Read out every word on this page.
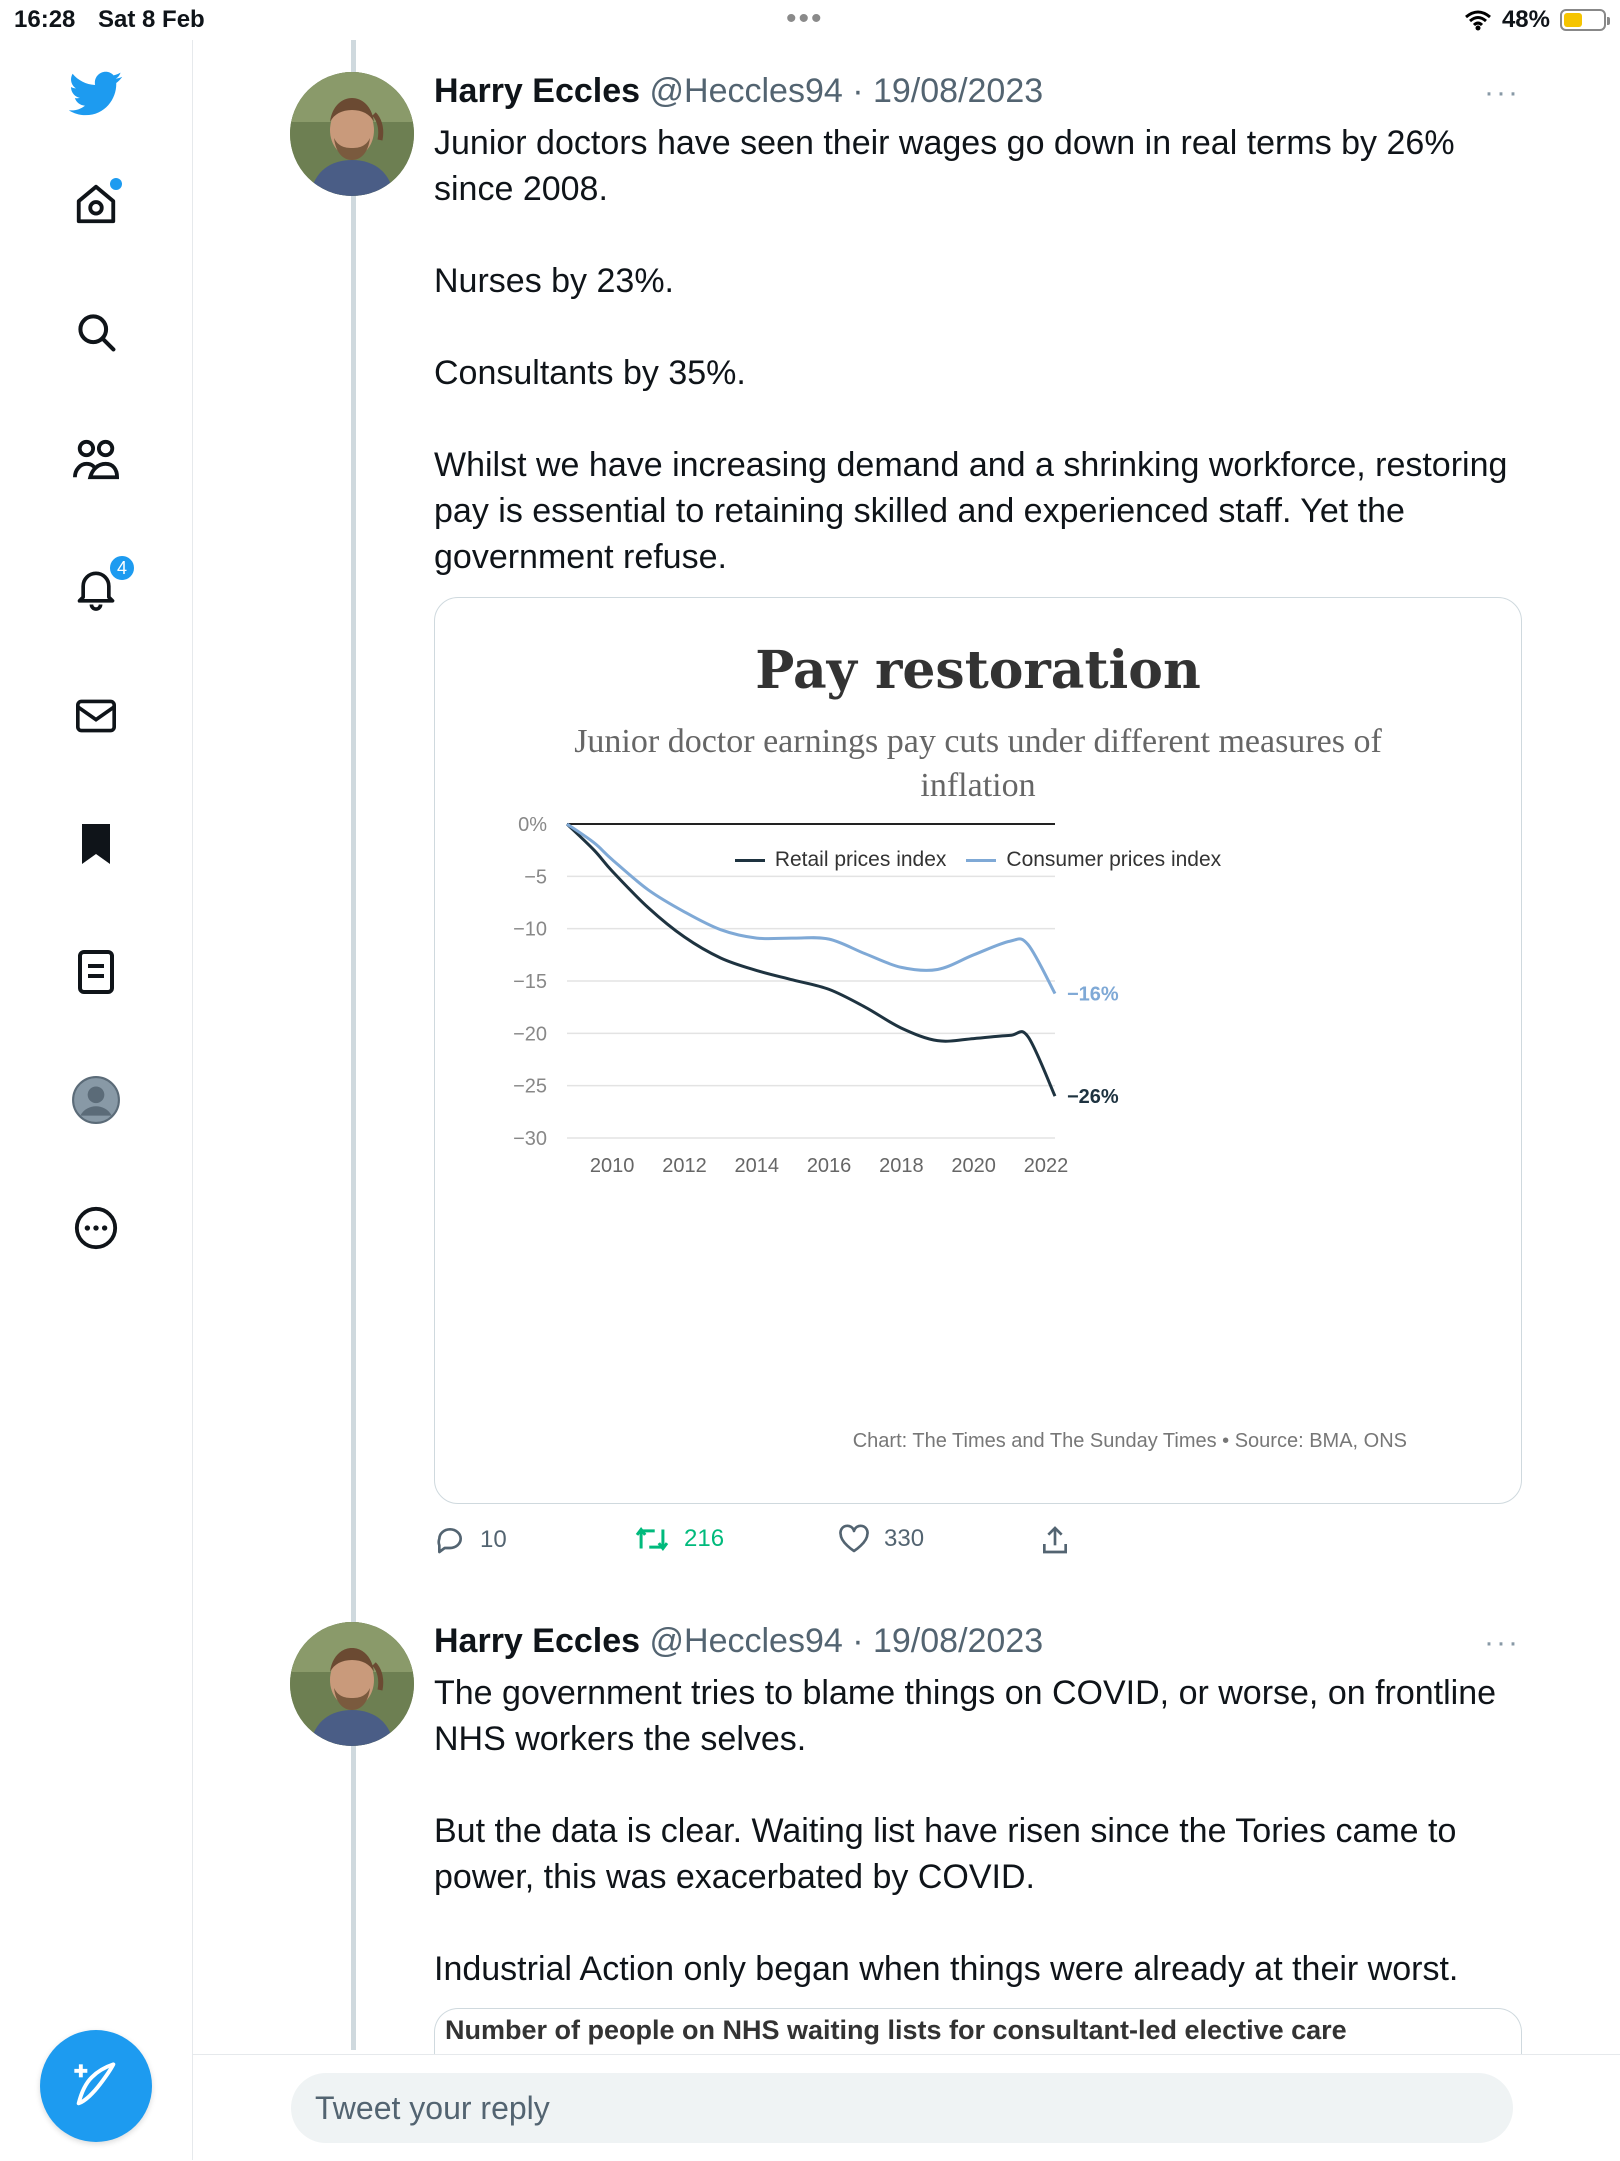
16:28 Sat 8 Feb	•••	48%
4
Harry Eccles @Heccles94 · 19/08/2023	···

Junior doctors have seen their wages go down in real terms by 26% since 2008.

Nurses by 23%.

Consultants by 35%.

Whilst we have increasing demand and a shrinking workforce, restoring pay is essential to retaining skilled and experienced staff. Yet the government refuse.

Pay restoration
Junior doctor earnings pay cuts under different measures of inflation
Retail prices index	Consumer prices index
0%
−5
−10
−15
−20
−25
−30
2010 2012 2014 2016 2018 2020 2022
−26%
−16%
Chart: The Times and The Sunday Times • Source: BMA, ONS
10	216	330
Harry Eccles @Heccles94 · 19/08/2023	···

The government tries to blame things on COVID, or worse, on frontline NHS workers the selves.

But the data is clear. Waiting list have risen since the Tories came to power, this was exacerbated by COVID.

Industrial Action only began when things were already at their worst.

Number of people on NHS waiting lists for consultant-led elective care
Tweet your reply
